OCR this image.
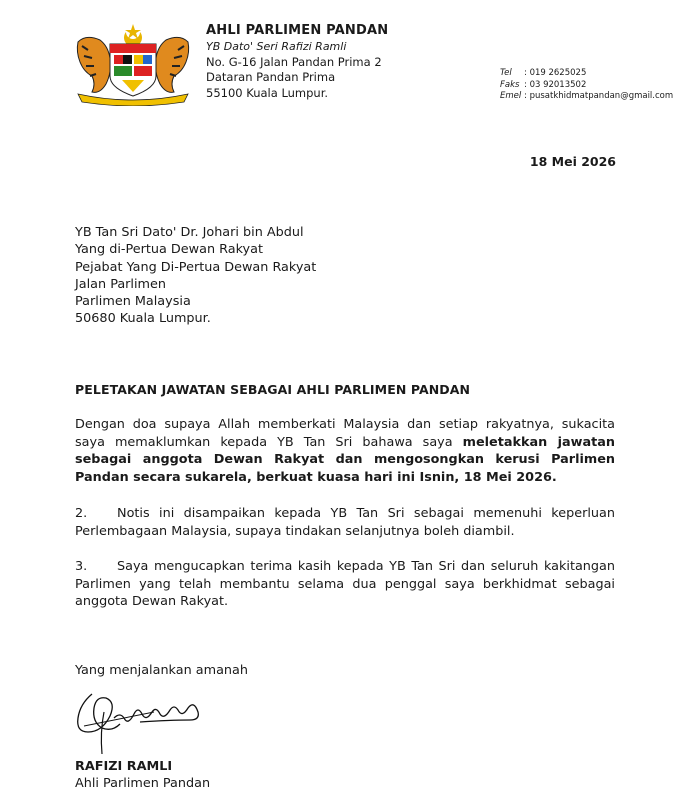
AHLI PARLIMEN PANDAN
YB Dato' Seri Rafizi Ramli
No. G-16 Jalan Pandan Prima 2
Dataran Pandan Prima
55100 Kuala Lumpur.
Tel : 019 2625025
Faks : 03 92013502
Emel : pusatkhidmatpandan@gmail.com
18 Mei 2026
YB Tan Sri Dato' Dr. Johari bin Abdul
Yang di-Pertua Dewan Rakyat
Pejabat Yang Di-Pertua Dewan Rakyat
Jalan Parlimen
Parlimen Malaysia
50680 Kuala Lumpur.
PELETAKAN JAWATAN SEBAGAI AHLI PARLIMEN PANDAN
Dengan doa supaya Allah memberkati Malaysia dan setiap rakyatnya, sukacita saya memaklumkan kepada YB Tan Sri bahawa saya meletakkan jawatan sebagai anggota Dewan Rakyat dan mengosongkan kerusi Parlimen Pandan secara sukarela, berkuat kuasa hari ini Isnin, 18 Mei 2026.
2. Notis ini disampaikan kepada YB Tan Sri sebagai memenuhi keperluan Perlembagaan Malaysia, supaya tindakan selanjutnya boleh diambil.
3. Saya mengucapkan terima kasih kepada YB Tan Sri dan seluruh kakitangan Parlimen yang telah membantu selama dua penggal saya berkhidmat sebagai anggota Dewan Rakyat.
Yang menjalankan amanah
RAFIZI RAMLI
Ahli Parlimen Pandan
